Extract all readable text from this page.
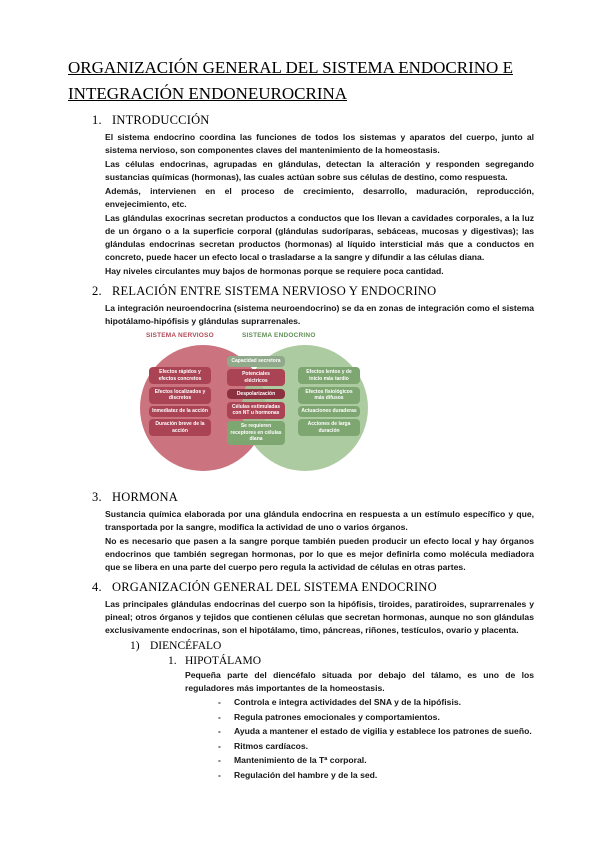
ORGANIZACIÓN GENERAL DEL SISTEMA ENDOCRINO E
INTEGRACIÓN ENDONEUROCRINA
1. INTRODUCCIÓN

El sistema endocrino coordina las funciones de todos los sistemas y aparatos del cuerpo, junto al sistema nervioso, son componentes claves del mantenimiento de la homeostasis.

Las células endocrinas, agrupadas en glándulas, detectan la alteración y responden segregando sustancias químicas (hormonas), las cuales actúan sobre sus células de destino, como respuesta.

Además, intervienen en el proceso de crecimiento, desarrollo, maduración, reproducción, envejecimiento, etc.

Las glándulas exocrinas secretan productos a conductos que los llevan a cavidades corporales, a la luz de un órgano o a la superficie corporal (glándulas sudoríparas, sebáceas, mucosas y digestivas); las glándulas endocrinas secretan productos (hormonas) al líquido intersticial más que a conductos en concreto, puede hacer un efecto local o trasladarse a la sangre y difundir a las células diana.

Hay niveles circulantes muy bajos de hormonas porque se requiere poca cantidad.

2. RELACIÓN ENTRE SISTEMA NERVIOSO Y ENDOCRINO

La integración neuroendocrina (sistema neuroendocrino) se da en zonas de integración como el sistema hipotálamo-hipófisis y glándulas suprarrenales.

SISTEMA NERVIOSO	SISTEMA ENDOCRINO
Efectos rápidos y efectos concretos
Efectos localizados y discretos
Inmediatez de la acción
Duración breve de la acción
Capacidad secretora
Potenciales eléctricos
Despolarización
Células estimuladas con NT u hormonas
Se requieren receptores en células diana
Efectos lentos y de inicio más tardío
Efectos fisiológicos más difusos
Actuaciones duraderas
Acciones de larga duración
3. HORMONA

Sustancia química elaborada por una glándula endocrina en respuesta a un estímulo específico y que, transportada por la sangre, modifica la actividad de uno o varios órganos.

No es necesario que pasen a la sangre porque también pueden producir un efecto local y hay órganos endocrinos que también segregan hormonas, por lo que es mejor definirla como molécula mediadora que se libera en una parte del cuerpo pero regula la actividad de células en otras partes.

4. ORGANIZACIÓN GENERAL DEL SISTEMA ENDOCRINO

Las principales glándulas endocrinas del cuerpo son la hipófisis, tiroides, paratiroides, suprarrenales y pineal; otros órganos y tejidos que contienen células que secretan hormonas, aunque no son glándulas exclusivamente endocrinas, son el hipotálamo, timo, páncreas, riñones, testículos, ovario y placenta.

1) DIENCÉFALO
1. HIPOTÁLAMO

Pequeña parte del diencéfalo situada por debajo del tálamo, es uno de los reguladores más importantes de la homeostasis.

-	Controla e integra actividades del SNA y de la hipófisis.
-	Regula patrones emocionales y comportamientos.
-	Ayuda a mantener el estado de vigilia y establece los patrones de sueño.
-	Ritmos cardíacos.
-	Mantenimiento de la Tª corporal.
-	Regulación del hambre y de la sed.
